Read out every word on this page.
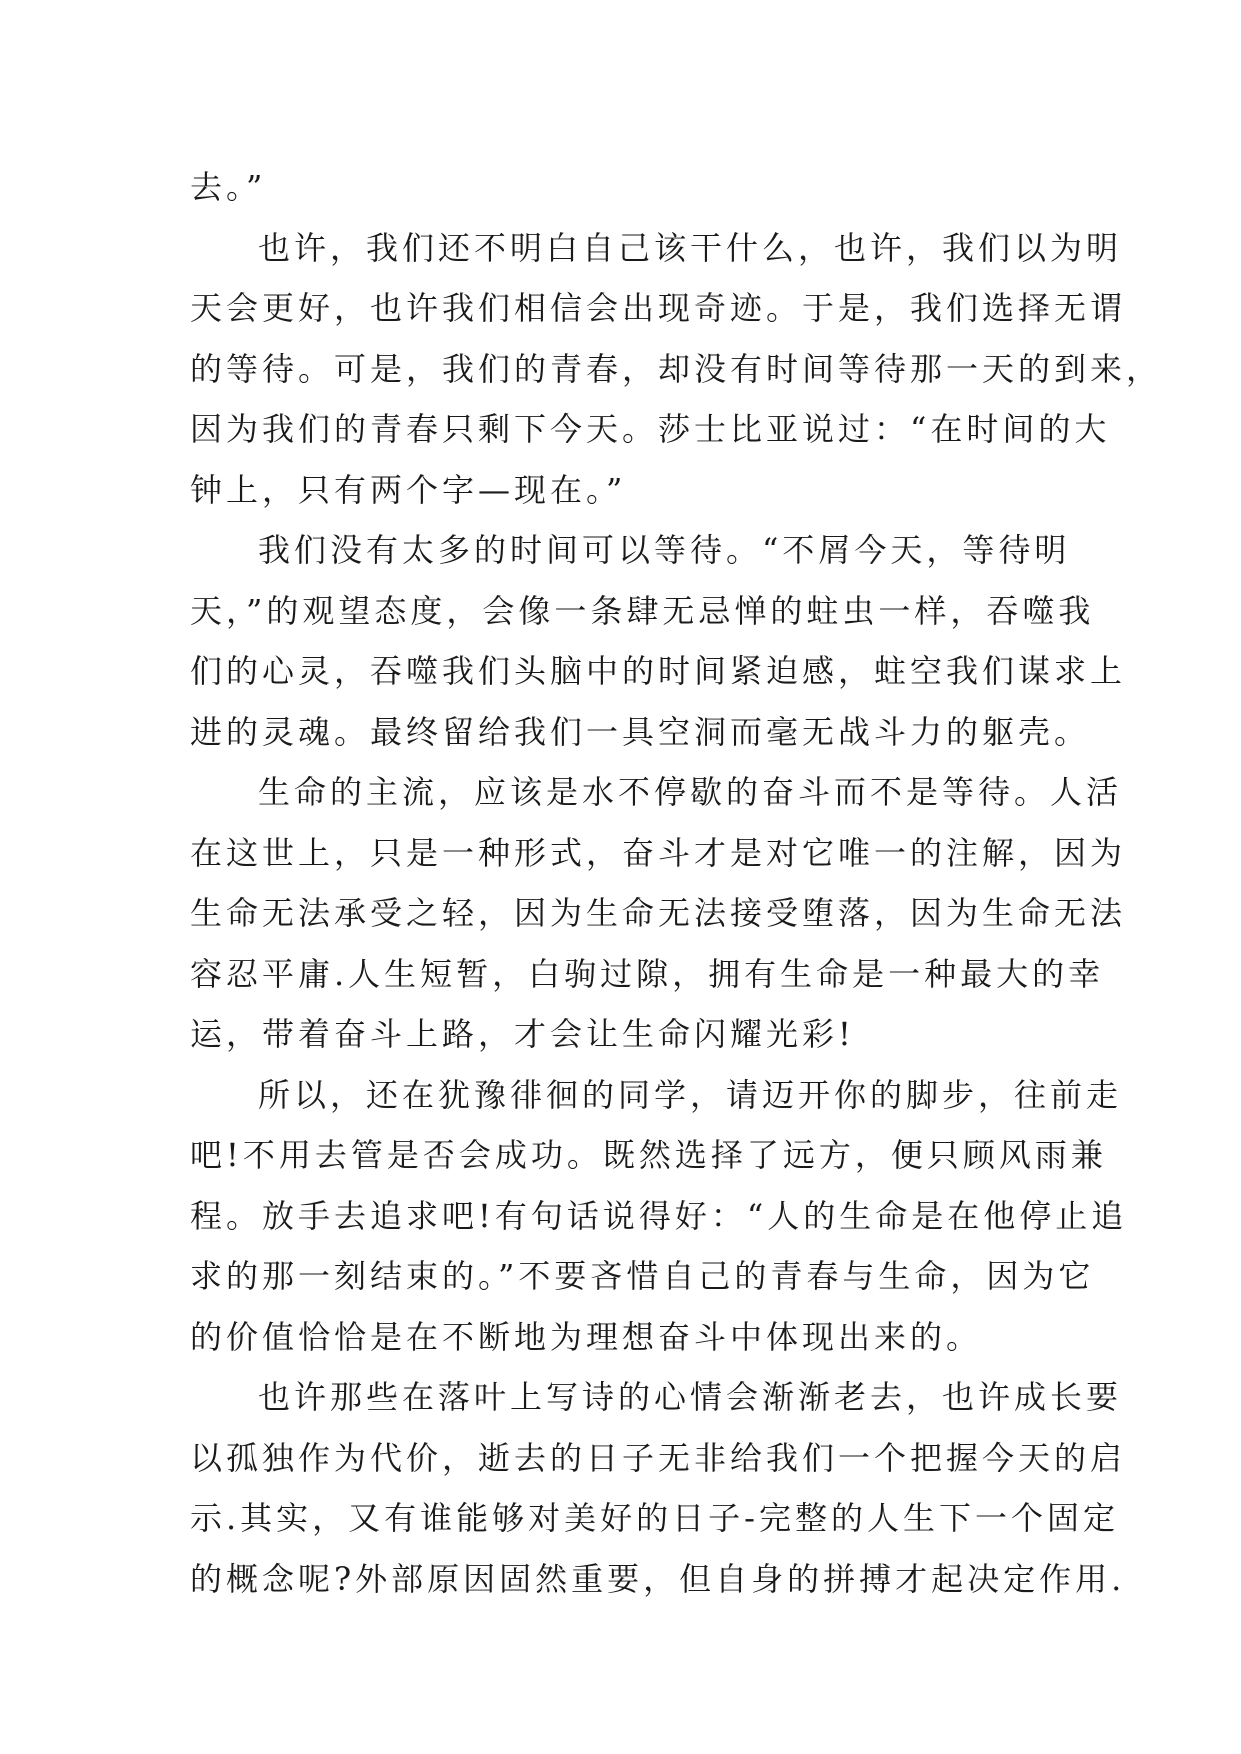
去。”
也许，我们还不明白自己该干什么，也许，我们以为明
天会更好，也许我们相信会出现奇迹。于是，我们选择无谓
的等待。可是，我们的青春，却没有时间等待那一天的到来，
因为我们的青春只剩下今天。莎士比亚说过：“在时间的大
钟上，只有两个字—现在。”
我们没有太多的时间可以等待。“不屑今天，等待明
天，”的观望态度，会像一条肆无忌惮的蛀虫一样，吞噬我
们的心灵，吞噬我们头脑中的时间紧迫感，蛀空我们谋求上
进的灵魂。最终留给我们一具空洞而毫无战斗力的躯壳。
生命的主流，应该是水不停歇的奋斗而不是等待。人活
在这世上，只是一种形式，奋斗才是对它唯一的注解，因为
生命无法承受之轻，因为生命无法接受堕落，因为生命无法
容忍平庸.人生短暂，白驹过隙，拥有生命是一种最大的幸
运，带着奋斗上路，才会让生命闪耀光彩!
所以，还在犹豫徘徊的同学，请迈开你的脚步，往前走
吧!不用去管是否会成功。既然选择了远方，便只顾风雨兼
程。放手去追求吧!有句话说得好：“人的生命是在他停止追
求的那一刻结束的。”不要吝惜自己的青春与生命，因为它
的价值恰恰是在不断地为理想奋斗中体现出来的。
也许那些在落叶上写诗的心情会渐渐老去，也许成长要
以孤独作为代价，逝去的日子无非给我们一个把握今天的启
示.其实，又有谁能够对美好的日子-完整的人生下一个固定
的概念呢?外部原因固然重要，但自身的拼搏才起决定作用.
